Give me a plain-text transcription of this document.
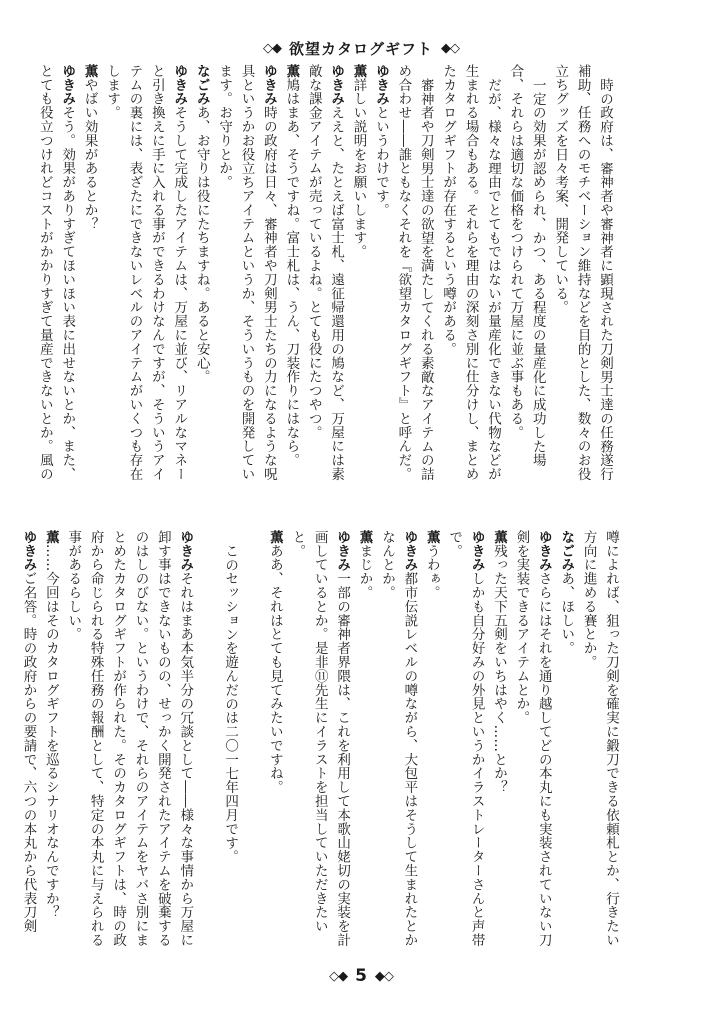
◇◆ 欲望カタログギフト ◆◇
時の政府は、審神者や審神者に顕現された刀剣男士達の任務遂行補助、任務へのモチベーション維持などを目的とした、数々のお役立ちグッズを日々考案、開発している。
一定の効果が認められ、かつ、ある程度の量産化に成功した場合、それらは適切な価格をつけられて万屋に並ぶ事もある。
だが、様々な理由でとてもではないが量産化できない代物などが生まれる場合もある。それらを理由の深刻さ別に仕分けし、まとめたカタログギフトが存在するという噂がある。
審神者や刀剣男士達の欲望を満たしてくれる素敵なアイテムの詰め合わせ――誰ともなくそれを『欲望カタログギフト』と呼んだ。
ゆきみというわけです。
薫詳しい説明をお願いします。
ゆきみええと、たとえば富士札、遠征帰還用の鳩など、万屋には素敵な課金アイテムが売っているよね。とても役にたつやつ。
薫鳩はまあ、そうですね。富士札は、うん、刀装作りにはなら。
ゆきみ時の政府は日々、審神者や刀剣男士たちの力になるような呪具というかお役立ちアイテムというか、そういうものを開発しています。お守りとか。
なごみあ、お守りは役にたちますね。あると安心。
ゆきみそうして完成したアイテムは、万屋に並び、リアルなマネーと引き換えに手に入れる事ができるわけなんですが、そういうアイテムの裏には、表ざたにできないレベルのアイテムがいくつも存在します。
薫やばい効果があるとか？
ゆきみそう。効果がありすぎてほいほい表に出せないとか、また、とても役立つけれどコストがかかりすぎて量産できないとか。風の
噂によれば、狙った刀剣を確実に鍛刀できる依頼札とか、行きたい方向に進める賽とか。
なごみあ、ほしい。
ゆきみさらにはそれを通り越してどの本丸にも実装されていない刀剣を実装できるアイテムとか。
薫残った天下五剣をいちはやく……とか？
ゆきみしかも自分好みの外見というかイラストレーターさんと声帯で。
薫うわぁ。
ゆきみ都市伝説レベルの噂ながら、大包平はそうして生まれたとかなんとか。
薫まじか。
ゆきみ一部の審神者界隈は、これを利用して本歌山姥切の実装を計画しているとか。是非⑪先生にイラストを担当していただきたいと。
薫ああ、それはとても見てみたいですね。

このセッションを遊んだのは二〇一七年四月です。

ゆきみそれはまあ本気半分の冗談として――様々な事情から万屋に卸す事はできないものの、せっかく開発されたアイテムを破棄するのはしのびない。というわけで、それらのアイテムをヤバさ別にまとめたカタログギフトが作られた。そのカタログギフトは、時の政府から命じられる特殊任務の報酬として、特定の本丸に与えられる事があるらしい。
薫……今回はそのカタログギフトを巡るシナリオなんですか？
ゆきみご名答。時の政府からの要請で、六つの本丸から代表刀剣
◇◆ 5 ◆◇
